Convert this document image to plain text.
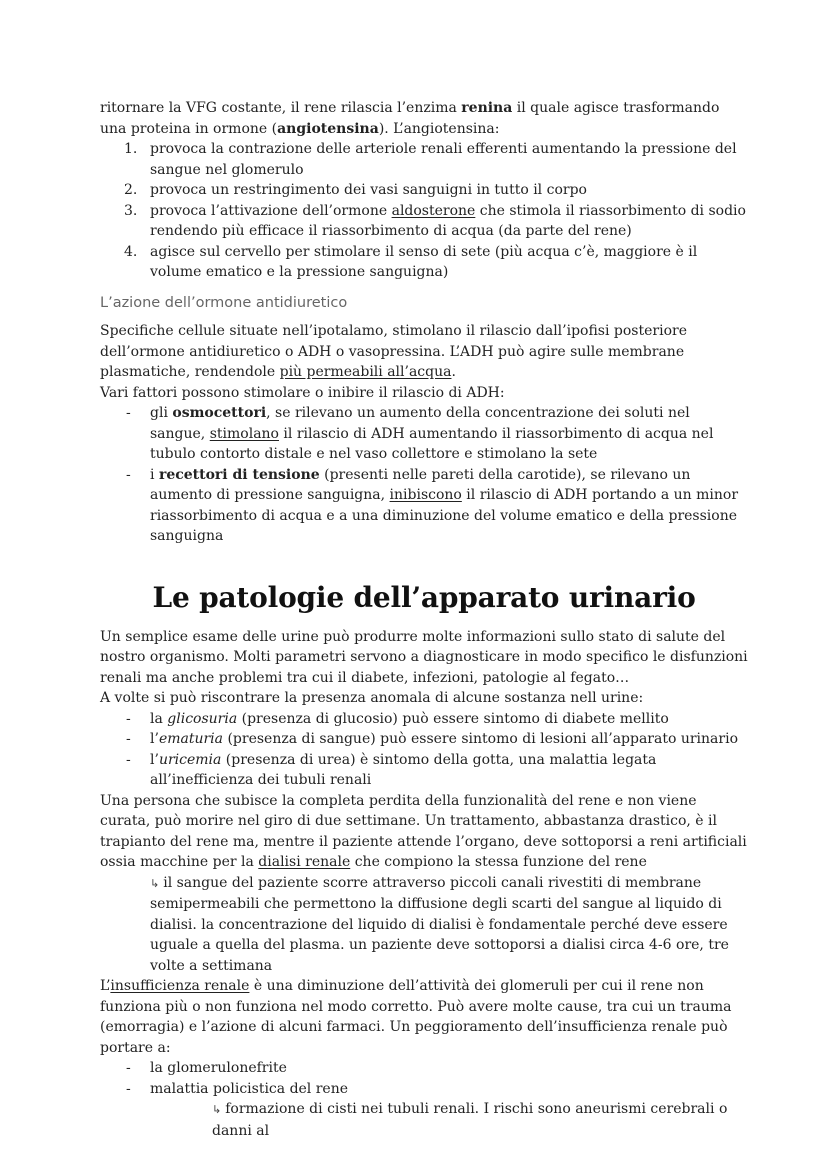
ritornare la VFG costante, il rene rilascia l’enzima renina il quale agisce trasformando una proteina in ormone (angiotensina). L’angiotensina:

1. provoca la contrazione delle arteriole renali efferenti aumentando la pressione del sangue nel glomerulo
2. provoca un restringimento dei vasi sanguigni in tutto il corpo
3. provoca l’attivazione dell’ormone aldosterone che stimola il riassorbimento di sodio rendendo più efficace il riassorbimento di acqua (da parte del rene)
4. agisce sul cervello per stimolare il senso di sete (più acqua c’è, maggiore è il volume ematico e la pressione sanguigna)
L’azione dell’ormone antidiuretico

Specifiche cellule situate nell’ipotalamo, stimolano il rilascio dall’ipofisi posteriore dell’ormone antidiuretico o ADH o vasopressina. L’ADH può agire sulle membrane plasmatiche, rendendole più permeabili all’acqua.

Vari fattori possono stimolare o inibire il rilascio di ADH:

- gli osmocettori, se rilevano un aumento della concentrazione dei soluti nel sangue, stimolano il rilascio di ADH aumentando il riassorbimento di acqua nel tubulo contorto distale e nel vaso collettore e stimolano la sete
- i recettori di tensione (presenti nelle pareti della carotide), se rilevano un aumento di pressione sanguigna, inibiscono il rilascio di ADH portando a un minor riassorbimento di acqua e a una diminuzione del volume ematico e della pressione sanguigna
Le patologie dell’apparato urinario

Un semplice esame delle urine può produrre molte informazioni sullo stato di salute del nostro organismo. Molti parametri servono a diagnosticare in modo specifico le disfunzioni renali ma anche problemi tra cui il diabete, infezioni, patologie al fegato…

A volte si può riscontrare la presenza anomala di alcune sostanza nell urine:

- la glicosuria (presenza di glucosio) può essere sintomo di diabete mellito
- l’ematuria (presenza di sangue) può essere sintomo di lesioni all’apparato urinario
- l’uricemia (presenza di urea) è sintomo della gotta, una malattia legata all’inefficienza dei tubuli renali

Una persona che subisce la completa perdita della funzionalità del rene e non viene curata, può morire nel giro di due settimane. Un trattamento, abbastanza drastico, è il trapianto del rene ma, mentre il paziente attende l’organo, deve sottoporsi a reni artificiali ossia macchine per la dialisi renale che compiono la stessa funzione del rene

↳ il sangue del paziente scorre attraverso piccoli canali rivestiti di membrane semipermeabili che permettono la diffusione degli scarti del sangue al liquido di dialisi. la concentrazione del liquido di dialisi è fondamentale perché deve essere uguale a quella del plasma. un paziente deve sottoporsi a dialisi circa 4-6 ore, tre volte a settimana

L’insufficienza renale è una diminuzione dell’attività dei glomeruli per cui il rene non funziona più o non funziona nel modo corretto. Può avere molte cause, tra cui un trauma (emorragia) e l’azione di alcuni farmaci. Un peggioramento dell’insufficienza renale può portare a:

- la glomerulonefrite
- malattia policistica del rene

↳ formazione di cisti nei tubuli renali. I rischi sono aneurismi cerebrali o danni al
